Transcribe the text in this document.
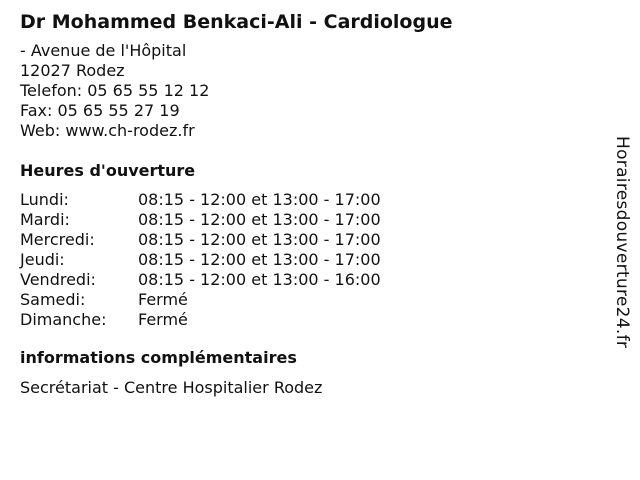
Dr Mohammed Benkaci-Ali - Cardiologue
- Avenue de l'Hôpital
12027 Rodez
Telefon: 05 65 55 12 12
Fax: 05 65 55 27 19
Web: www.ch-rodez.fr
Heures d'ouverture
Lundi:	08:15 - 12:00 et 13:00 - 17:00
Mardi:	08:15 - 12:00 et 13:00 - 17:00
Mercredi:	08:15 - 12:00 et 13:00 - 17:00
Jeudi:	08:15 - 12:00 et 13:00 - 17:00
Vendredi:	08:15 - 12:00 et 13:00 - 16:00
Samedi:	Fermé
Dimanche:	Fermé
informations complémentaires
Secrétariat - Centre Hospitalier Rodez
Horairesdouverture24.fr
